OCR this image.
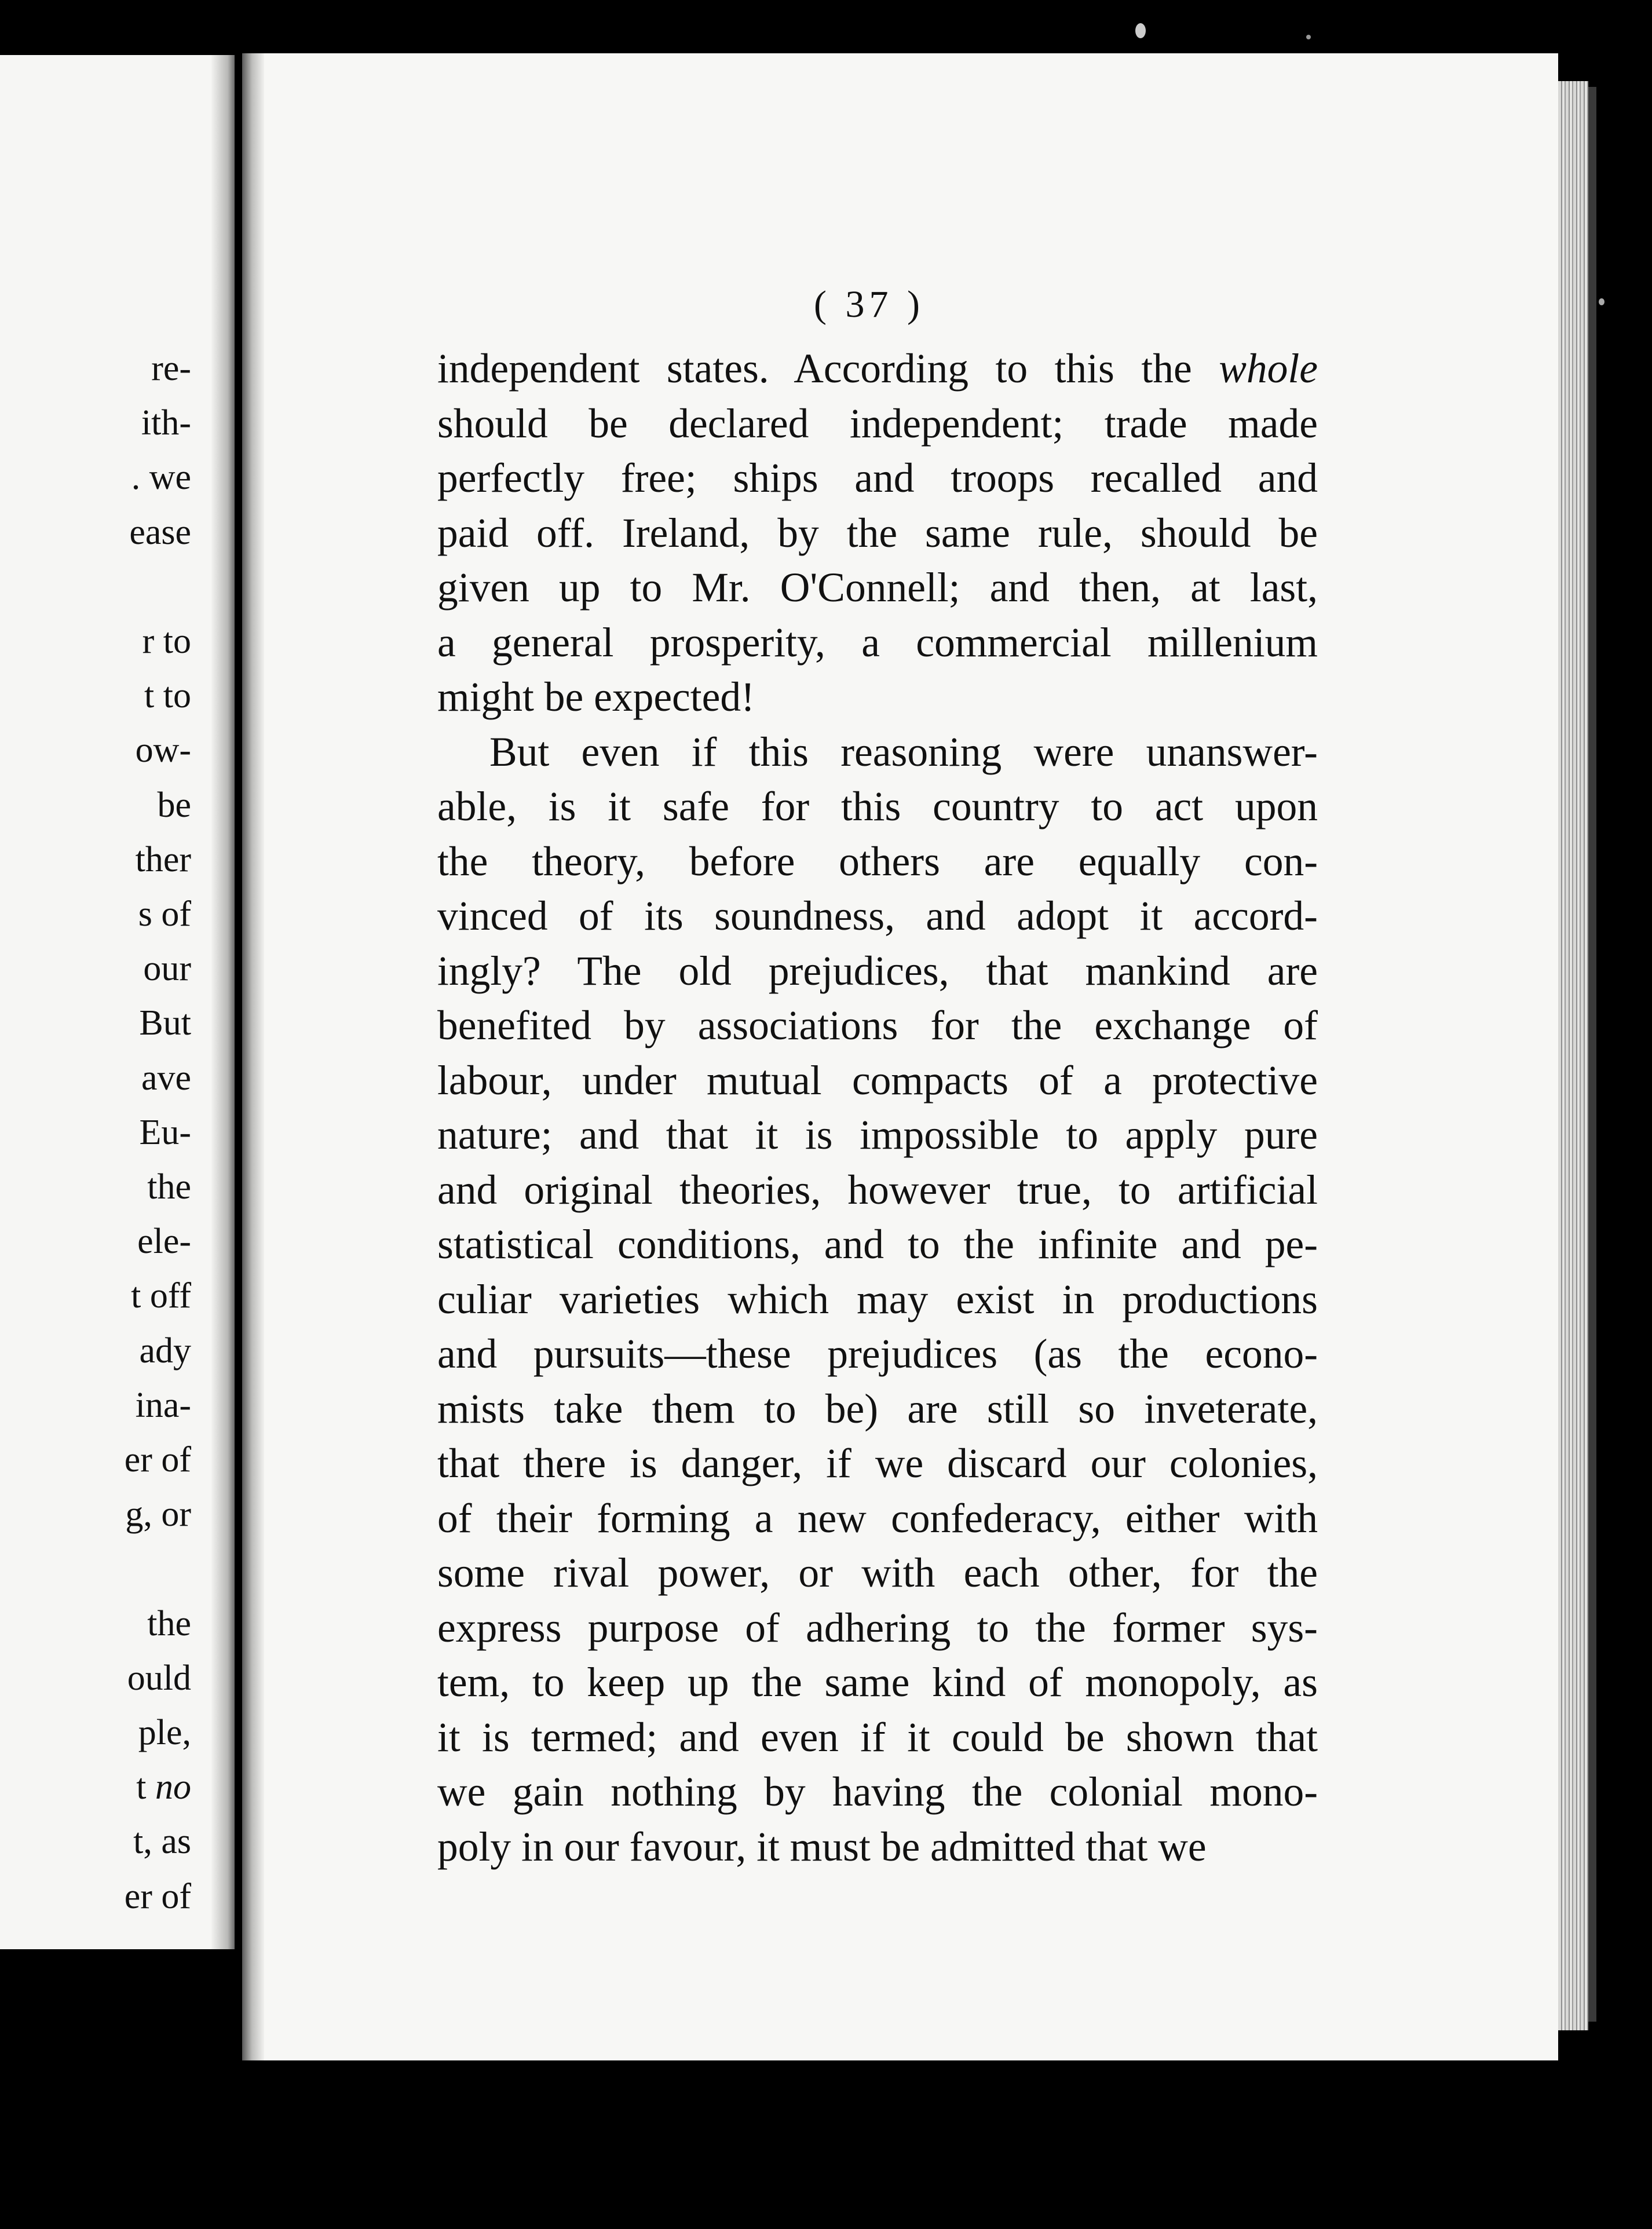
re-
ith-
. we
ease
r to
t to
ow-
be
ther
s of
our
But
ave
Eu-
the
ele-
t off
ady
ina-
er of
g, or
the
ould
ple,
t no
t, as
er of
( 37 )

independent states. According to this the whole
should be declared independent; trade made
perfectly free; ships and troops recalled and
paid off. Ireland, by the same rule, should be
given up to Mr. O'Connell; and then, at last,
a general prosperity, a commercial millenium
might be expected!

But even if this reasoning were unanswer-
able, is it safe for this country to act upon
the theory, before others are equally con-
vinced of its soundness, and adopt it accord-
ingly? The old prejudices, that mankind are
benefited by associations for the exchange of
labour, under mutual compacts of a protective
nature; and that it is impossible to apply pure
and original theories, however true, to artificial
statistical conditions, and to the infinite and pe-
culiar varieties which may exist in productions
and pursuits—these prejudices (as the econo-
mists take them to be) are still so inveterate,
that there is danger, if we discard our colonies,
of their forming a new confederacy, either with
some rival power, or with each other, for the
express purpose of adhering to the former sys-
tem, to keep up the same kind of monopoly, as
it is termed; and even if it could be shown that
we gain nothing by having the colonial mono-
poly in our favour, it must be admitted that we
